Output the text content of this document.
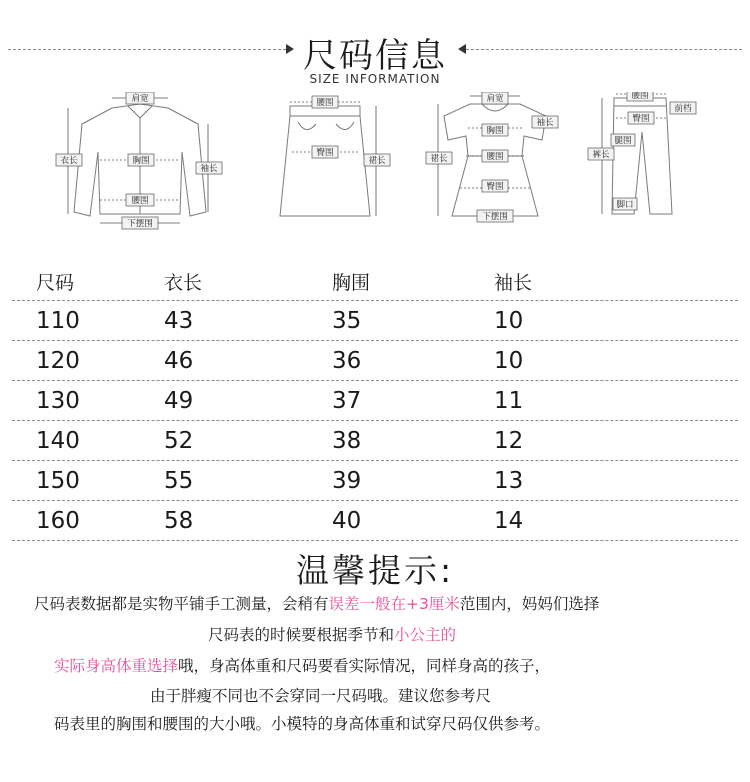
尺码信息
SIZE INFORMATION
肩宽
衣长	胸围
袖长
腰围
下摆围
腰围
臀围
裙长
肩宽
袖长
胸围
裙长	腰围
臀围
下摆围
腰围
前档
臀围
腿围
裤长
脚口
尺码	衣长	胸围	袖长
110	43	35	10
120	46	36	10
130	49	37	11
140	52	38	12
150	55	39	13
160	58	40	14
温馨提示:
尺码表数据都是实物平铺手工测量，会稍有误差一般在+3厘米范围内，妈妈们选择
尺码表的时候要根据季节和小公主的
实际身高体重选择哦，身高体重和尺码要看实际情况，同样身高的孩子，
由于胖瘦不同也不会穿同一尺码哦。建议您参考尺
码表里的胸围和腰围的大小哦。小模特的身高体重和试穿尺码仅供参考。
